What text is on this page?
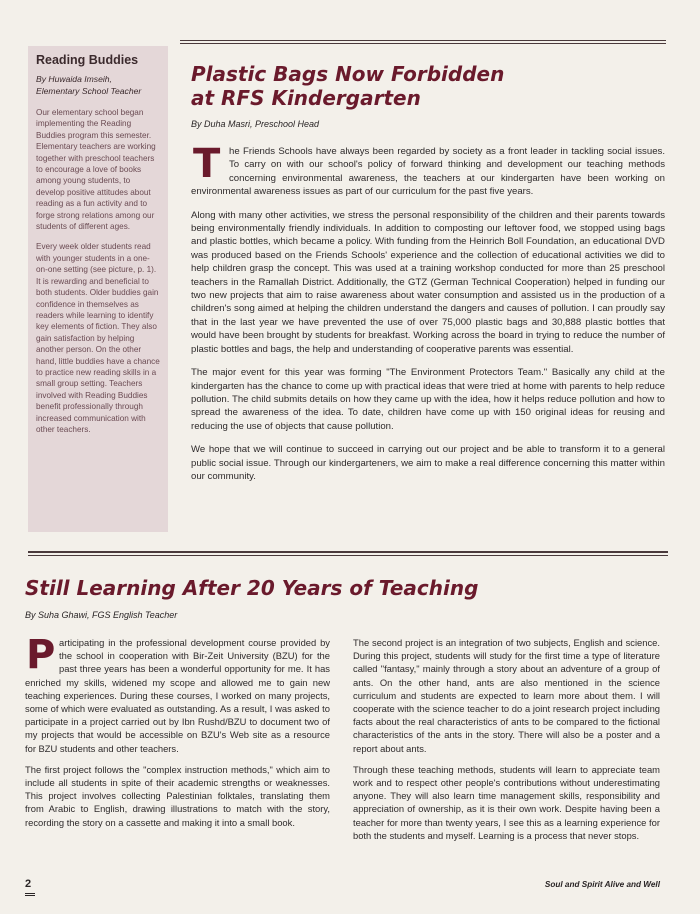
Reading Buddies
By Huwaida Imseih,
Elementary School Teacher

Our elementary school began implementing the Reading Buddies program this semester. Elementary teachers are working together with preschool teachers to encourage a love of books among young students, to develop positive attitudes about reading as a fun activity and to forge strong relations among our students of different ages.

Every week older students read with younger students in a one-on-one setting (see picture, p. 1). It is rewarding and beneficial to both students. Older buddies gain confidence in themselves as readers while learning to identify key elements of fiction. They also gain satisfaction by helping another person. On the other hand, little buddies have a chance to practice new reading skills in a small group setting. Teachers involved with Reading Buddies benefit professionally through increased communication with other teachers.

Plastic Bags Now Forbidden
at RFS Kindergarten
By Duha Masri, Preschool Head

The Friends Schools have always been regarded by society as a front leader in tackling social issues. To carry on with our school's policy of forward thinking and development our teaching methods concerning environmental awareness, the teachers at our kindergarten have been working on environmental awareness issues as part of our curriculum for the past five years.

Along with many other activities, we stress the personal responsibility of the children and their parents towards being environmentally friendly individuals. In addition to composting our leftover food, we stopped using bags and plastic bottles, which became a policy. With funding from the Heinrich Boll Foundation, an educational DVD was produced based on the Friends Schools' experience and the collection of educational activities we did to help children grasp the concept. This was used at a training workshop conducted for more than 25 preschool teachers in the Ramallah District. Additionally, the GTZ (German Technical Cooperation) helped in funding our two new projects that aim to raise awareness about water consumption and assisted us in the production of a children's song aimed at helping the children understand the dangers and causes of pollution. I can proudly say that in the last year we have prevented the use of over 75,000 plastic bags and 30,888 plastic bottles that would have been brought by students for breakfast. Working across the board in trying to reduce the number of plastic bottles and bags, the help and understanding of cooperative parents was essential.

The major event for this year was forming "The Environment Protectors Team." Basically any child at the kindergarten has the chance to come up with practical ideas that were tried at home with parents to help reduce pollution. The child submits details on how they came up with the idea, how it helps reduce pollution and how to spread the awareness of the idea. To date, children have come up with 150 original ideas for reusing and reducing the use of objects that cause pollution.

We hope that we will continue to succeed in carrying out our project and be able to transform it to a general public social issue. Through our kindergarteners, we aim to make a real difference concerning this matter within our community.

Still Learning After 20 Years of Teaching
By Suha Ghawi, FGS English Teacher

Participating in the professional development course provided by the school in cooperation with Bir-Zeit University (BZU) for the past three years has been a wonderful opportunity for me. It has enriched my skills, widened my scope and allowed me to gain new teaching experiences. During these courses, I worked on many projects, some of which were evaluated as outstanding. As a result, I was asked to participate in a project carried out by Ibn Rushd/BZU to document two of my projects that would be accessible on BZU's Web site as a resource for BZU students and other teachers.

The first project follows the "complex instruction methods," which aim to include all students in spite of their academic strengths or weaknesses. This project involves collecting Palestinian folktales, translating them from Arabic to English, drawing illustrations to match with the story, recording the story on a cassette and making it into a small book.

The second project is an integration of two subjects, English and science. During this project, students will study for the first time a type of literature called "fantasy," mainly through a story about an adventure of a group of ants. On the other hand, ants are also mentioned in the science curriculum and students are expected to learn more about them. I will cooperate with the science teacher to do a joint research project including facts about the real characteristics of ants to be compared to the fictional characteristics of the ants in the story. There will also be a poster and a report about ants.

Through these teaching methods, students will learn to appreciate team work and to respect other people's contributions without underestimating anyone. They will also learn time management skills, responsibility and appreciation of ownership, as it is their own work. Despite having been a teacher for more than twenty years, I see this as a learning experience for both the students and myself. Learning is a process that never stops.

2	Soul and Spirit Alive and Well
